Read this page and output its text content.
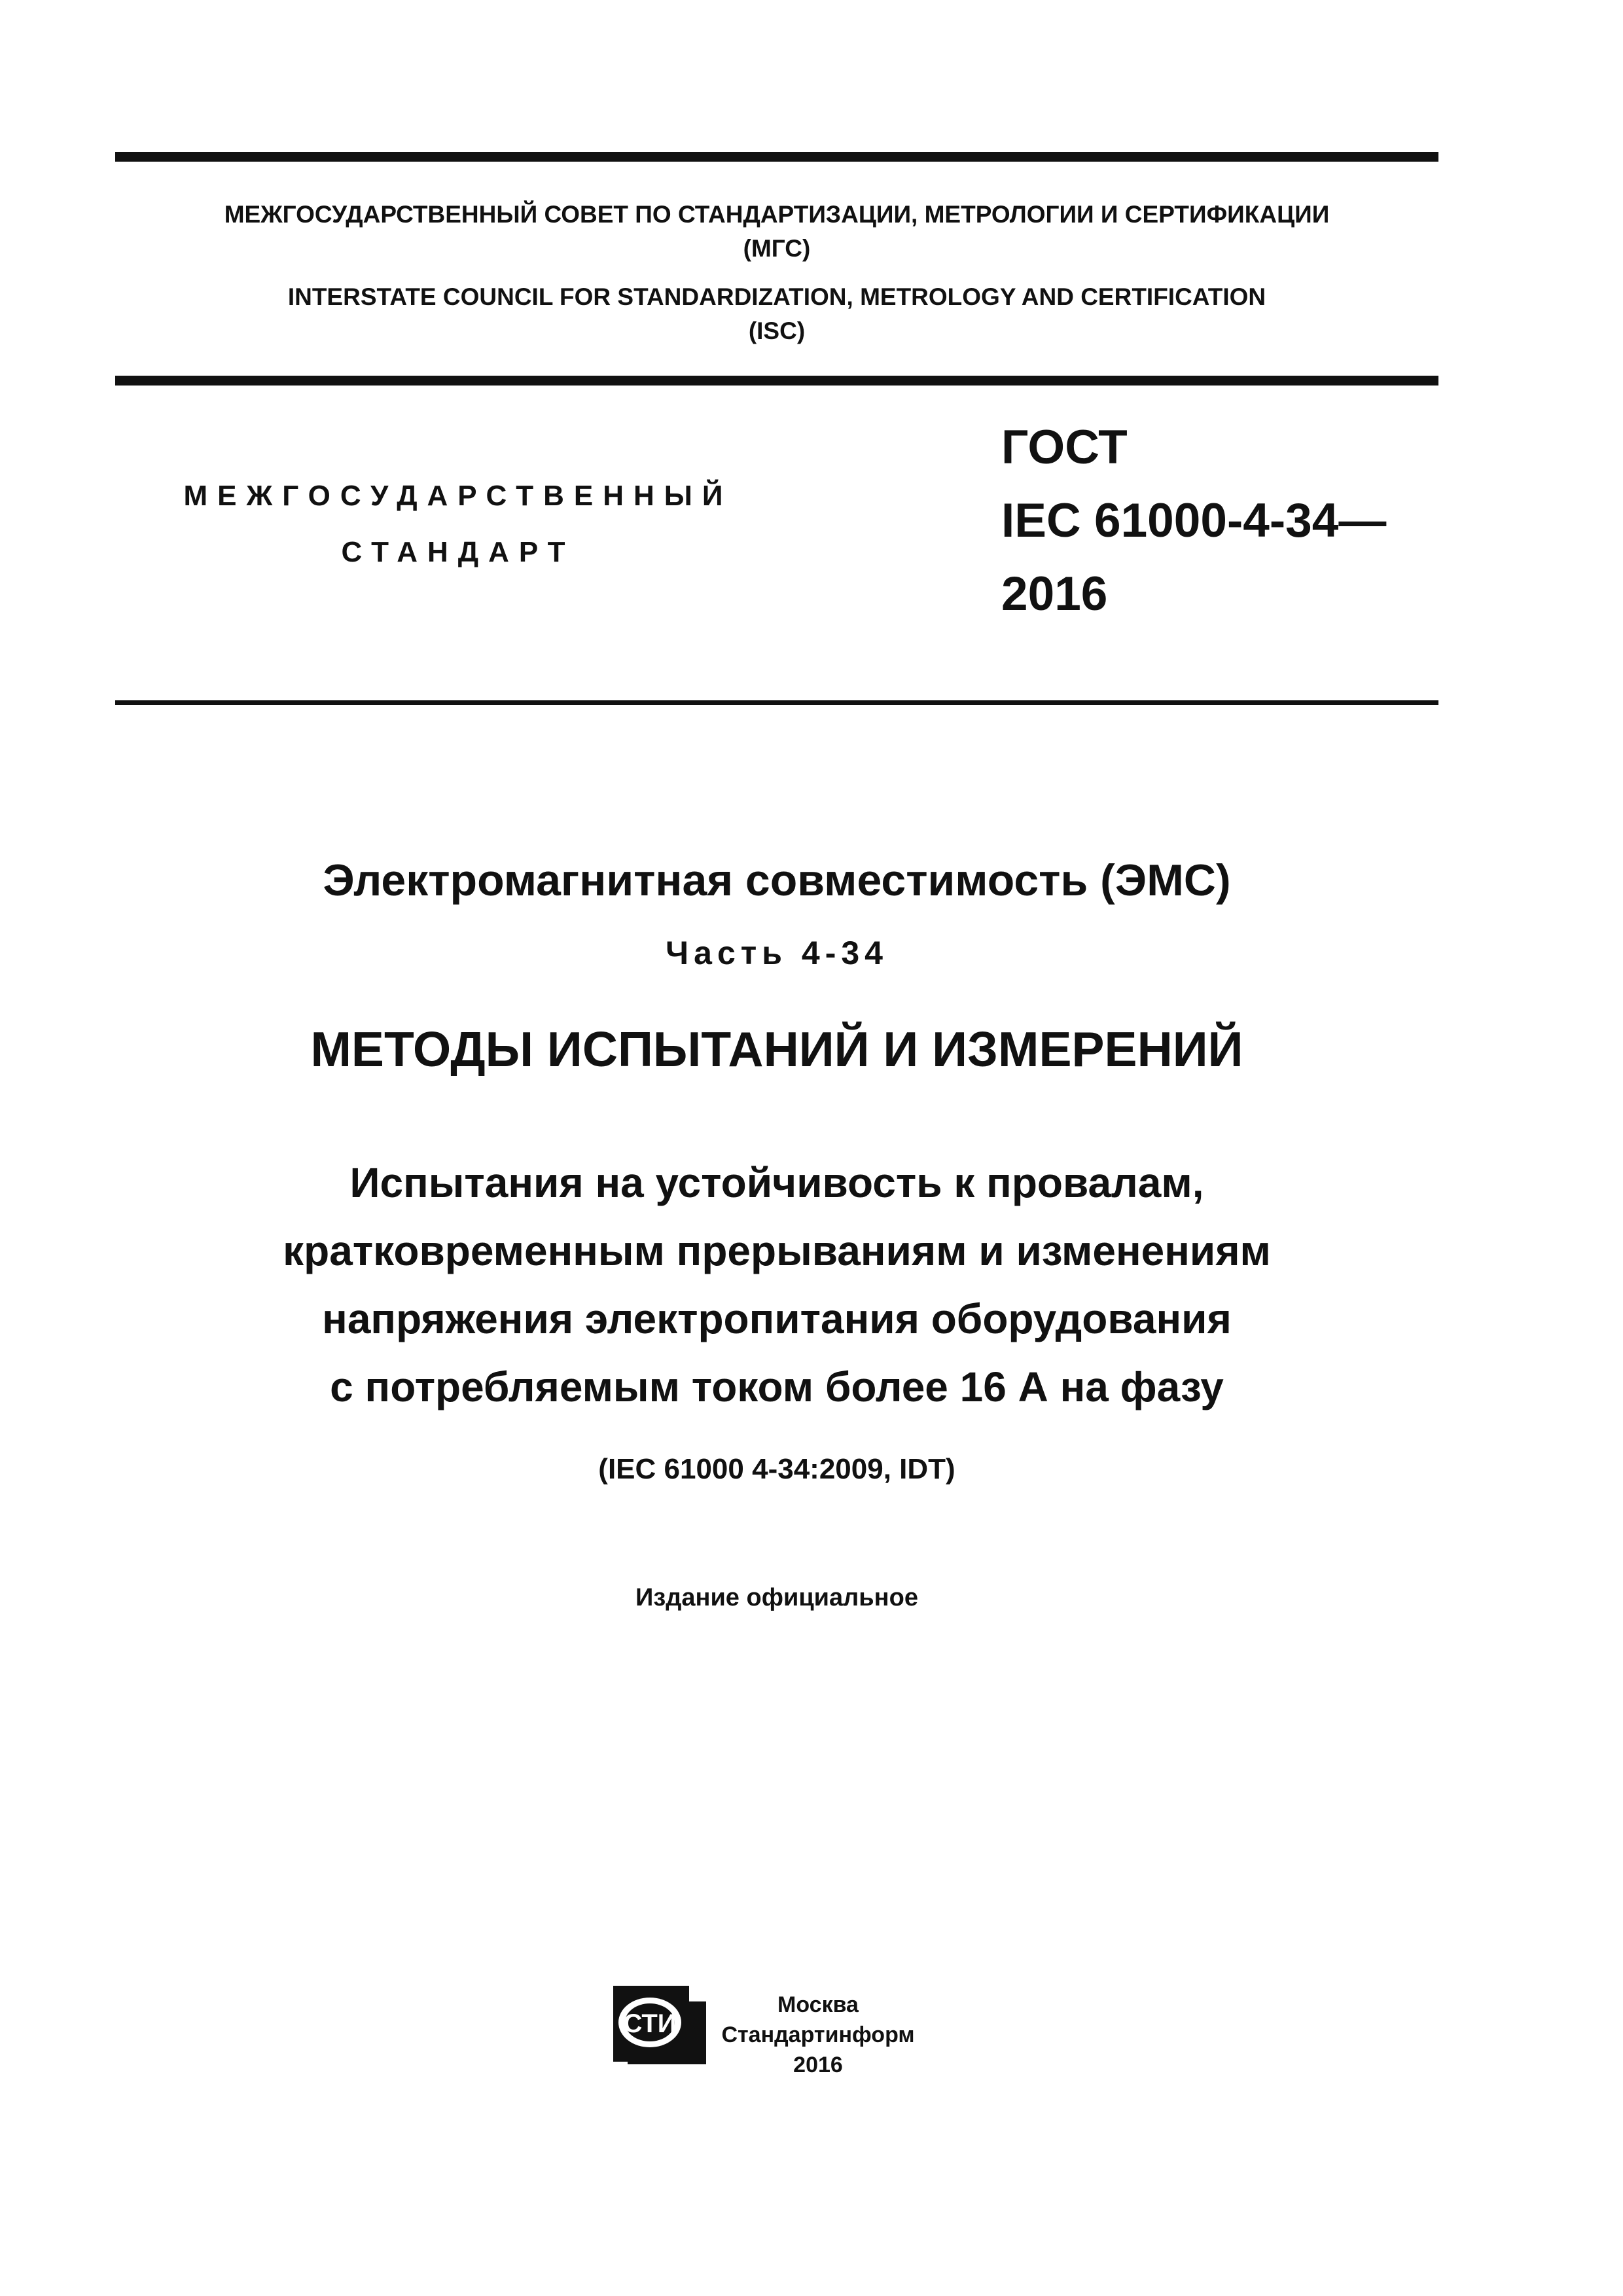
МЕЖГОСУДАРСТВЕННЫЙ СОВЕТ ПО СТАНДАРТИЗАЦИИ, МЕТРОЛОГИИ И СЕРТИФИКАЦИИ
(МГС)
INTERSTATE COUNCIL FOR STANDARDIZATION, METROLOGY AND CERTIFICATION
(ISC)
МЕЖГОСУДАРСТВЕННЫЙ
СТАНДАРТ
ГОСТ
IEC 61000-4-34—
2016
Электромагнитная совместимость (ЭМС)
Часть 4-34
МЕТОДЫ ИСПЫТАНИЙ И ИЗМЕРЕНИЙ
Испытания на устойчивость к провалам,
кратковременным прерываниям и изменениям
напряжения электропитания оборудования
с потребляемым током более 16 А на фазу
(IEC 61000 4-34:2009, IDT)
Издание официальное
СТИ
Москва
Стандартинформ
2016
